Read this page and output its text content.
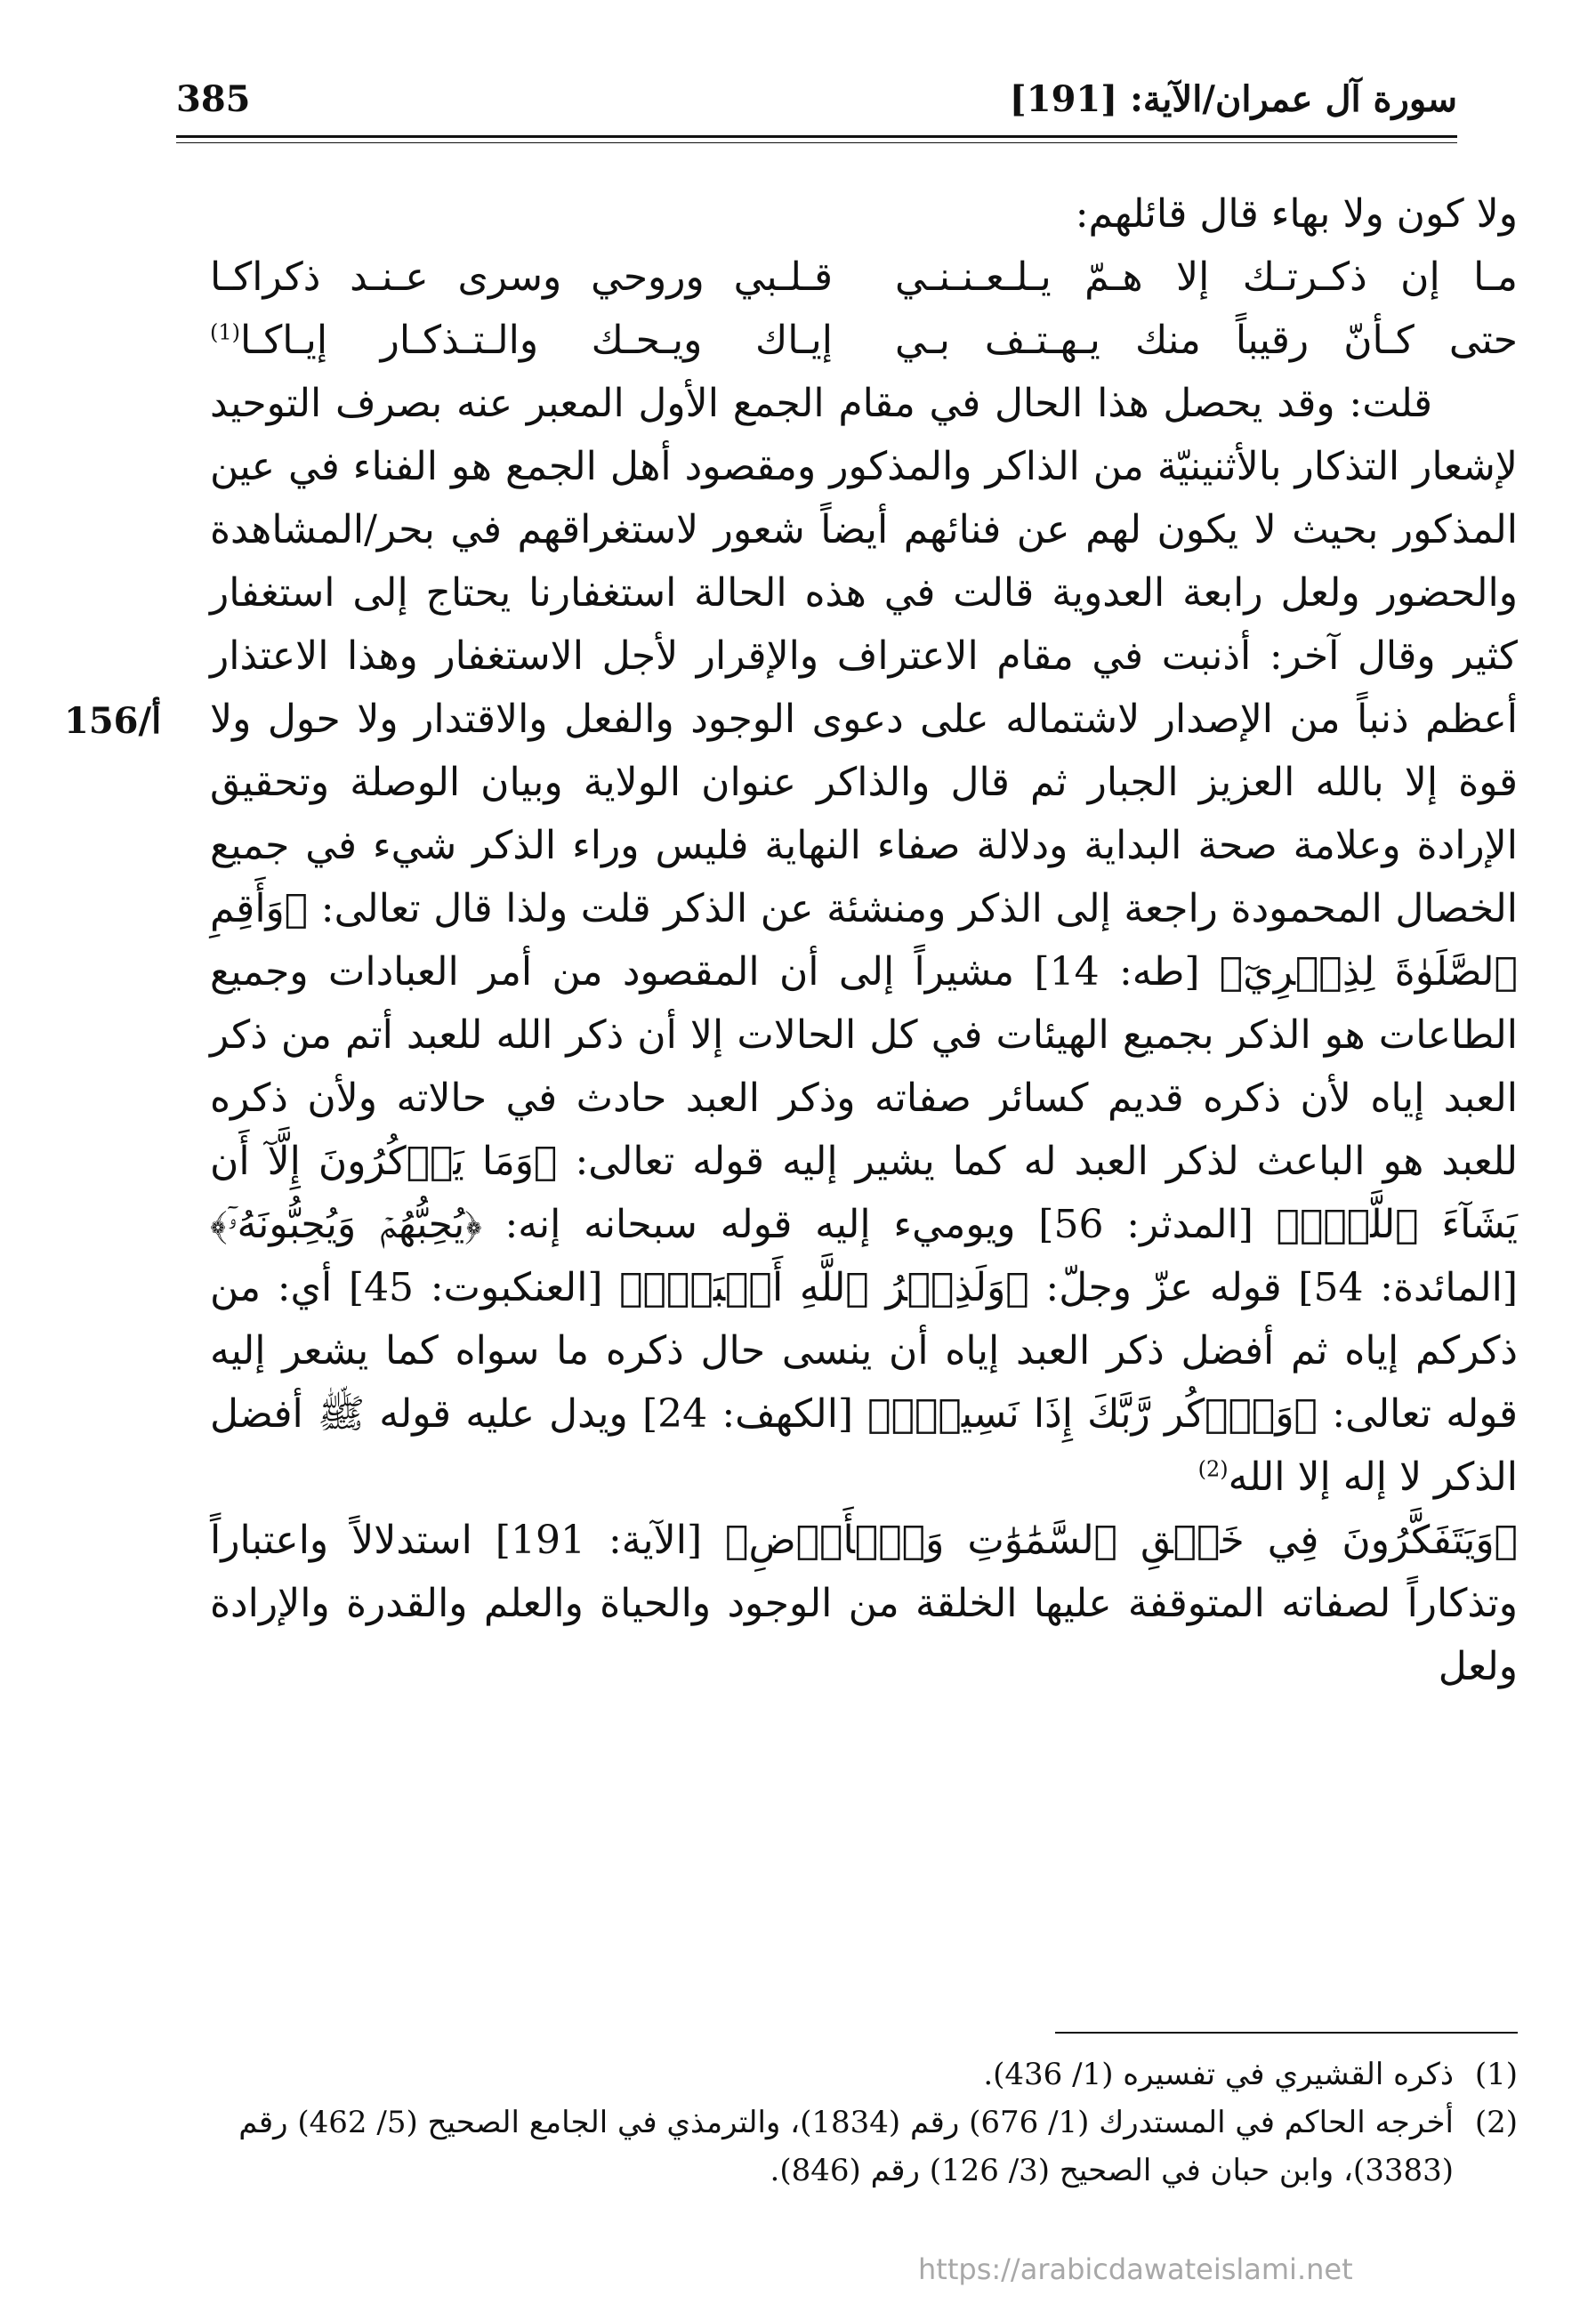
385	سورة آل عمران/الآية: [191]

ولا كون ولا بهاء قال قائلهم:

مـا إن ذكـرتـك إلا هـمّ يـلـعـنـنـي
قـلـبي وروحي وسرى عـنـد ذكراكـا
حتى كـأنّ رقيباً منك يـهـتـف بـي
إيـاك ويـحـك والـتـذكـار إيـاكـا$^{(1)}$

قلت: وقد يحصل هذا الحال في مقام الجمع الأول المعبر عنه بصرف التوحيد لإشعار التذكار بالأثنينيّة من الذاكر والمذكور ومقصود أهل الجمع هو الفناء في عين المذكور بحيث لا يكون لهم عن فنائهم أيضاً شعور لاستغراقهم في بحر/المشاهدة والحضور ولعل رابعة العدوية قالت في هذه الحالة استغفارنا يحتاج إلى استغفار كثير وقال آخر: أذنبت في مقام الاعتراف والإقرار لأجل الاستغفار وهذا الاعتذار أعظم ذنباً من الإصدار لاشتماله على دعوى الوجود والفعل والاقتدار ولا حول ولا قوة إلا بالله العزيز الجبار ثم قال والذاكر عنوان الولاية وبيان الوصلة وتحقيق الإرادة وعلامة صحة البداية ودلالة صفاء النهاية فليس وراء الذكر شيء في جميع الخصال المحمودة راجعة إلى الذكر ومنشئة عن الذكر قلت ولذا قال تعالى: ﴿وَأَقِمِ ٱلصَّلَوٰةَ لِذِكۡرِيٓ﴾ [طه: 14] مشيراً إلى أن المقصود من أمر العبادات وجميع الطاعات هو الذكر بجميع الهيئات في كل الحالات إلا أن ذكر الله للعبد أتم من ذكر العبد إياه لأن ذكره قديم كسائر صفاته وذكر العبد حادث في حالاته ولأن ذكره للعبد هو الباعث لذكر العبد له كما يشير إليه قوله تعالى: ﴿وَمَا يَذۡكُرُونَ إِلَّآ أَن يَشَآءَ ٱللَّهُۚ﴾ [المدثر: 56] ويوميء إليه قوله سبحانه إنه: ﴿يُحِبُّهُمۡ وَيُحِبُّونَهُۥٓ﴾ [المائدة: 54] قوله عزّ وجلّ: ﴿وَلَذِكۡرُ ٱللَّهِ أَكۡبَرُۗ﴾ [العنكبوت: 45] أي: من ذكركم إياه ثم أفضل ذكر العبد إياه أن ينسى حال ذكره ما سواه كما يشعر إليه قوله تعالى: ﴿وَٱذۡكُر رَّبَّكَ إِذَا نَسِيتَۚ﴾ [الكهف: 24] ويدل عليه قوله ﷺ أفضل الذكر لا إله إلا الله$^{(2)}$

﴿وَيَتَفَكَّرُونَ فِي خَلۡقِ ٱلسَّمَٰوَٰتِ وَٱلۡأَرۡضِ﴾ [الآية: 191] استدلالاً واعتباراً وتذكاراً لصفاته المتوقفة عليها الخلقة من الوجود والحياة والعلم والقدرة والإرادة ولعل

156/أ
(1)
ذكره القشيري في تفسيره (1/ 436).
(2)
أخرجه الحاكم في المستدرك (1/ 676) رقم (1834)، والترمذي في الجامع الصحيح (5/ 462) رقم (3383)، وابن حبان في الصحيح (3/ 126) رقم (846).
https://arabicdawateislami.net
